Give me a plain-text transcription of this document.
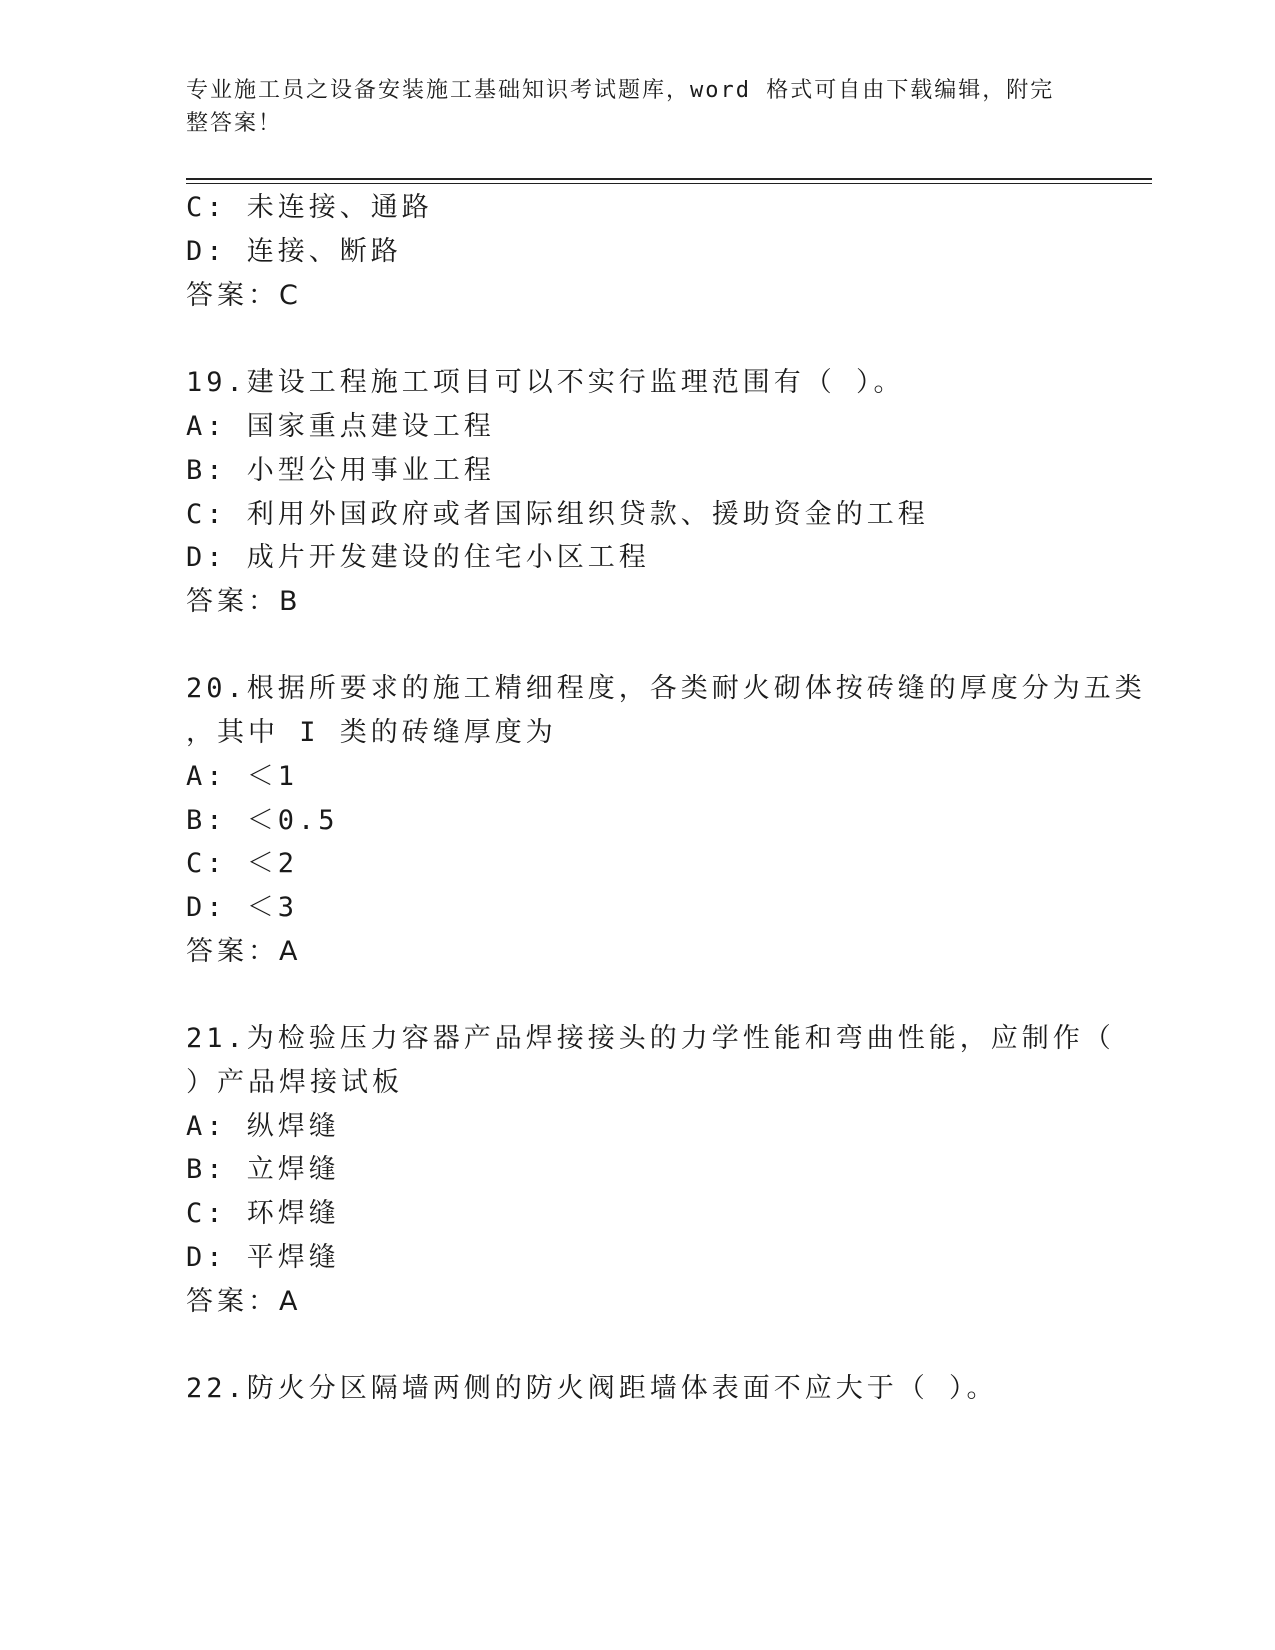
专业施工员之设备安装施工基础知识考试题库，word 格式可自由下载编辑，附完
整答案！
C: 未连接、通路
D: 连接、断路
答案：C
19.建设工程施工项目可以不实行监理范围有（ ）。
A: 国家重点建设工程
B: 小型公用事业工程
C: 利用外国政府或者国际组织贷款、援助资金的工程
D: 成片开发建设的住宅小区工程
答案：B
20.根据所要求的施工精细程度，各类耐火砌体按砖缝的厚度分为五类
，其中 I 类的砖缝厚度为
A: ＜1
B: ＜0.5
C: ＜2
D: ＜3
答案：A
21.为检验压力容器产品焊接接头的力学性能和弯曲性能，应制作（
）产品焊接试板
A: 纵焊缝
B: 立焊缝
C: 环焊缝
D: 平焊缝
答案：A
22.防火分区隔墙两侧的防火阀距墙体表面不应大于（ ）。
